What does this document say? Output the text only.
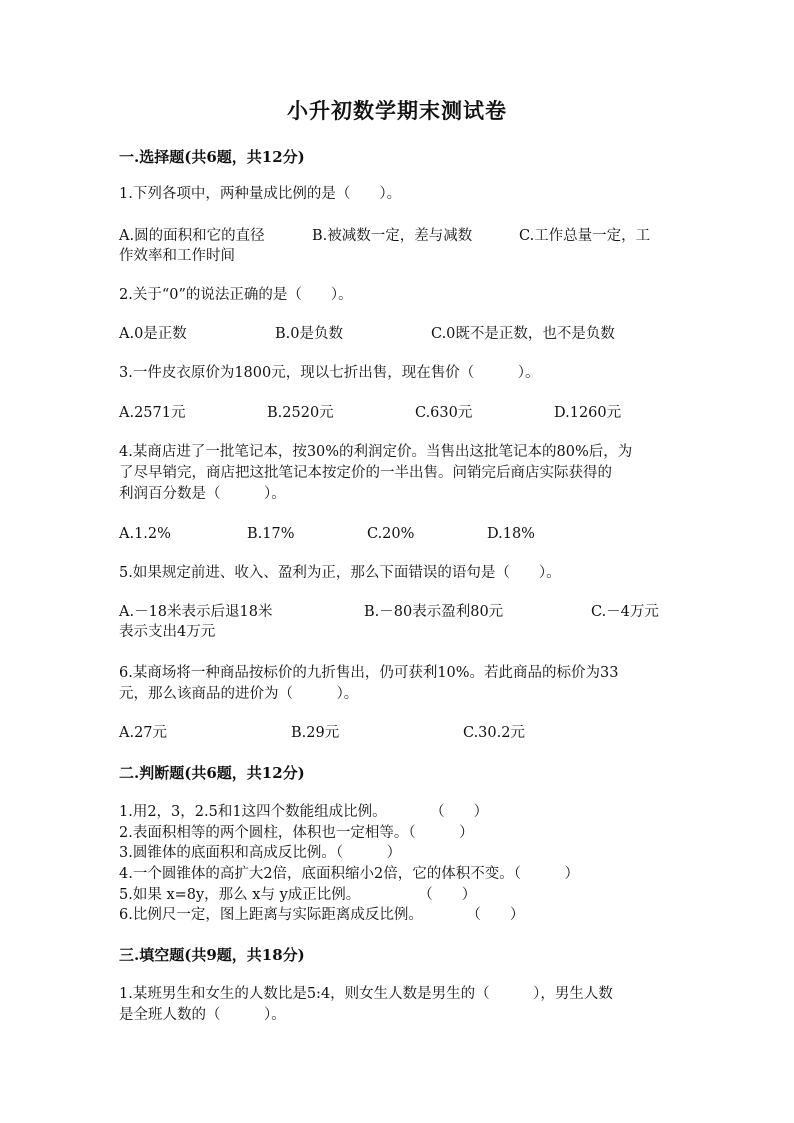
小升初数学期末测试卷
一.选择题(共6题，共12分)
1.下列各项中，两种量成比例的是（　　）。
A.圆的面积和它的直径	B.被减数一定，差与减数	C.工作总量一定，工
作效率和工作时间
2.关于“0”的说法正确的是（　　）。
A.0是正数	B.0是负数	C.0既不是正数，也不是负数
3.一件皮衣原价为1800元，现以七折出售，现在售价（　　　）。
A.2571元	B.2520元	C.630元	D.1260元
4.某商店进了一批笔记本，按30%的利润定价。当售出这批笔记本的80%后，为
了尽早销完，商店把这批笔记本按定价的一半出售。问销完后商店实际获得的
利润百分数是（　　　）。
A.1.2%	B.17%	C.20%	D.18%
5.如果规定前进、收入、盈利为正，那么下面错误的语句是（　　）。
A.－18米表示后退18米	B.－80表示盈利80元	C.－4万元
表示支出4万元
6.某商场将一种商品按标价的九折售出，仍可获利10%。若此商品的标价为33
元，那么该商品的进价为（　　　）。
A.27元	B.29元	C.30.2元
二.判断题(共6题，共12分)
1.用2，3，2.5和1这四个数能组成比例。　　　　（　　）
2.表面积相等的两个圆柱，体积也一定相等。（　　　）
3.圆锥体的底面积和高成反比例。（　　　）
4.一个圆锥体的高扩大2倍，底面积缩小2倍，它的体积不变。（　　　）
5.如果 x=8y，那么 x与 y成正比例。　　　　　（　　）
6.比例尺一定，图上距离与实际距离成反比例。　　　　（　　）
三.填空题(共9题，共18分)
1.某班男生和女生的人数比是5:4，则女生人数是男生的（　　　），男生人数
是全班人数的（　　　）。
